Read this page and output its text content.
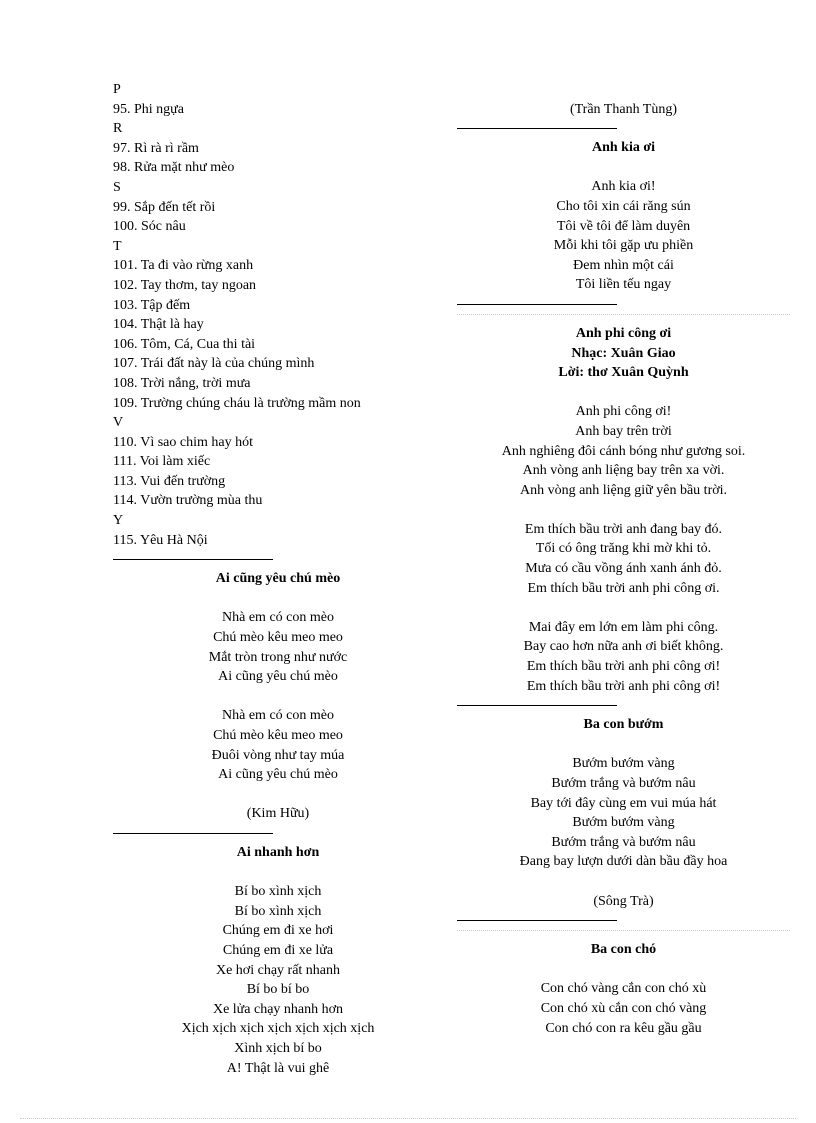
P
95. Phi ngựa
R
97. Rì rà rì rầm
98. Rửa mặt như mèo
S
99. Sắp đến tết rồi
100. Sóc nâu
T
101. Ta đi vào rừng xanh
102. Tay thơm, tay ngoan
103. Tập đếm
104. Thật là hay
106. Tôm, Cá, Cua thi tài
107. Trái đất này là của chúng mình
108. Trời nắng, trời mưa
109. Trường chúng cháu là trường mầm non
V
110. Vì sao chim hay hót
111. Voi làm xiếc
113. Vui đến trường
114. Vườn trường mùa thu
Y
115. Yêu Hà Nội
Ai cũng yêu chú mèo
Nhà em có con mèo
Chú mèo kêu meo meo
Mắt tròn trong như nước
Ai cũng yêu chú mèo
Nhà em có con mèo
Chú mèo kêu meo meo
Đuôi vòng như tay múa
Ai cũng yêu chú mèo
(Kim Hữu)
Ai nhanh hơn
Bí bo xình xịch
Bí bo xình xịch
Chúng em đi xe hơi
Chúng em đi xe lửa
Xe hơi chạy rất nhanh
Bí bo bí bo
Xe lửa chạy nhanh hơn
Xịch xịch xịch xịch xịch xịch xịch
Xình xịch bí bo
A! Thật là vui ghê
(Trần Thanh Tùng)
Anh kia ơi
Anh kia ơi!
Cho tôi xin cái răng sún
Tôi về tôi để làm duyên
Mỗi khi tôi gặp ưu phiền
Đem nhìn một cái
Tôi liền tếu ngay
Anh phi công ơi
Nhạc: Xuân Giao
Lời: thơ Xuân Quỳnh
Anh phi công ơi!
Anh bay trên trời
Anh nghiêng đôi cánh bóng như gương soi.
Anh vòng anh liệng bay trên xa vời.
Anh vòng anh liệng giữ yên bầu trời.
Em thích bầu trời anh đang bay đó.
Tối có ông trăng khi mờ khi tỏ.
Mưa có cầu vồng ánh xanh ánh đỏ.
Em thích bầu trời anh phi công ơi.
Mai đây em lớn em làm phi công.
Bay cao hơn nữa anh ơi biết không.
Em thích bầu trời anh phi công ơi!
Em thích bầu trời anh phi công ơi!
Ba con bướm
Bướm bướm vàng
Bướm trắng và bướm nâu
Bay tới đây cùng em vui múa hát
Bướm bướm vàng
Bướm trắng và bướm nâu
Đang bay lượn dưới dàn bầu đầy hoa
(Sông Trà)
Ba con chó
Con chó vàng cắn con chó xù
Con chó xù cắn con chó vàng
Con chó con ra kêu gầu gầu
